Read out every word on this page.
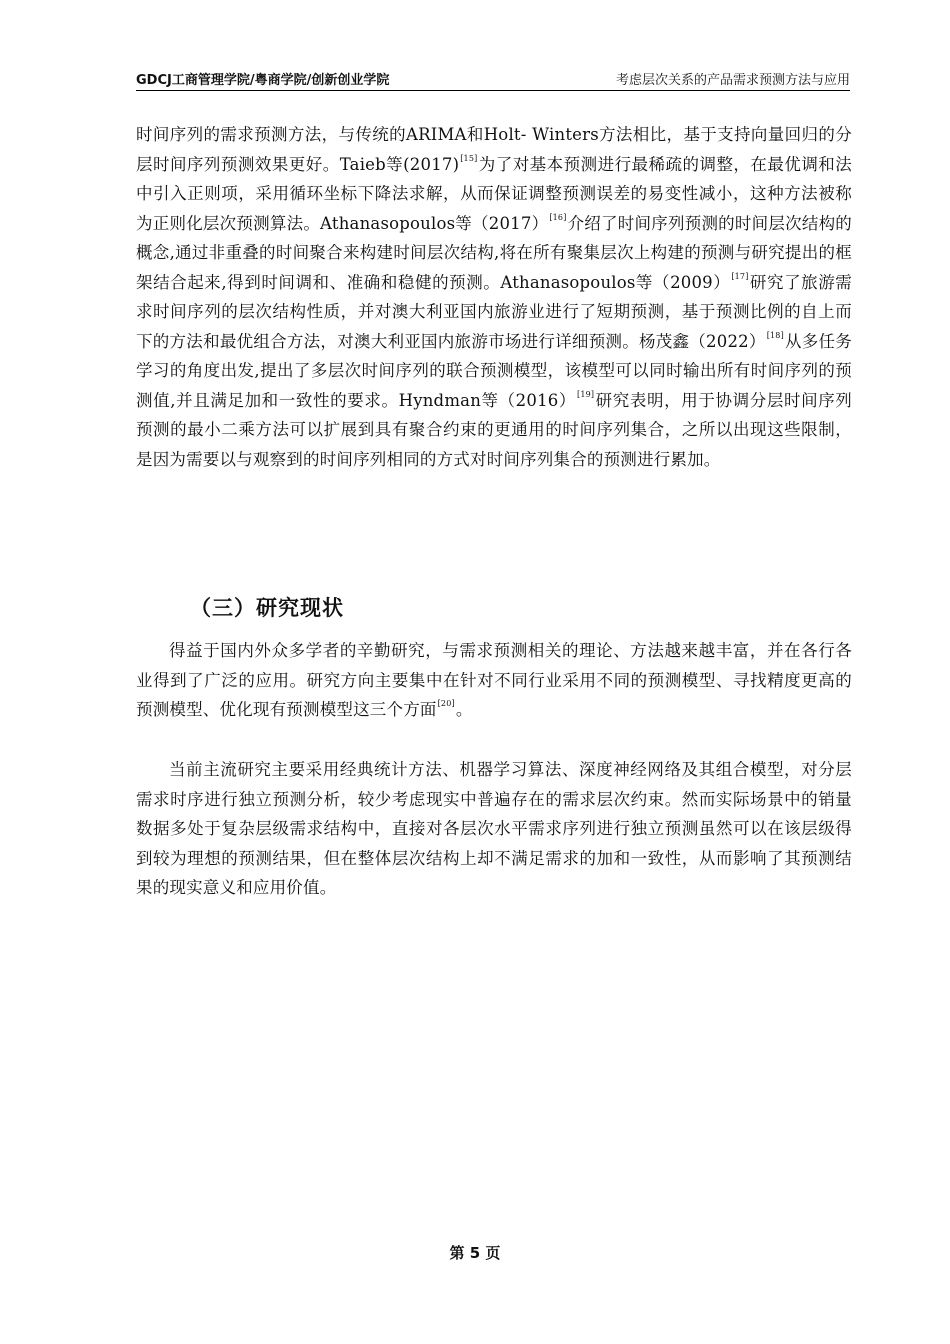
GDCJ工商管理学院/粤商学院/创新创业学院	考虑层次关系的产品需求预测方法与应用
时间序列的需求预测方法，与传统的ARIMA和Holt- Winters方法相比，基于支持向量回归的分层时间序列预测效果更好。Taieb等(2017)[15]为了对基本预测进行最稀疏的调整，在最优调和法中引入正则项，采用循环坐标下降法求解，从而保证调整预测误差的易变性减小，这种方法被称为正则化层次预测算法。Athanasopoulos等（2017）[16]介绍了时间序列预测的时间层次结构的概念,通过非重叠的时间聚合来构建时间层次结构,将在所有聚集层次上构建的预测与研究提出的框架结合起来,得到时间调和、准确和稳健的预测。Athanasopoulos等（2009）[17]研究了旅游需求时间序列的层次结构性质，并对澳大利亚国内旅游业进行了短期预测，基于预测比例的自上而下的方法和最优组合方法，对澳大利亚国内旅游市场进行详细预测。杨茂鑫（2022）[18]从多任务学习的角度出发,提出了多层次时间序列的联合预测模型，该模型可以同时输出所有时间序列的预测值,并且满足加和一致性的要求。Hyndman等（2016）[19]研究表明，用于协调分层时间序列预测的最小二乘方法可以扩展到具有聚合约束的更通用的时间序列集合，之所以出现这些限制，是因为需要以与观察到的时间序列相同的方式对时间序列集合的预测进行累加。
（三）研究现状
得益于国内外众多学者的辛勤研究，与需求预测相关的理论、方法越来越丰富，并在各行各业得到了广泛的应用。研究方向主要集中在针对不同行业采用不同的预测模型、寻找精度更高的预测模型、优化现有预测模型这三个方面[20]。
当前主流研究主要采用经典统计方法、机器学习算法、深度神经网络及其组合模型，对分层需求时序进行独立预测分析，较少考虑现实中普遍存在的需求层次约束。然而实际场景中的销量数据多处于复杂层级需求结构中，直接对各层次水平需求序列进行独立预测虽然可以在该层级得到较为理想的预测结果，但在整体层次结构上却不满足需求的加和一致性，从而影响了其预测结果的现实意义和应用价值。
第 5 页
